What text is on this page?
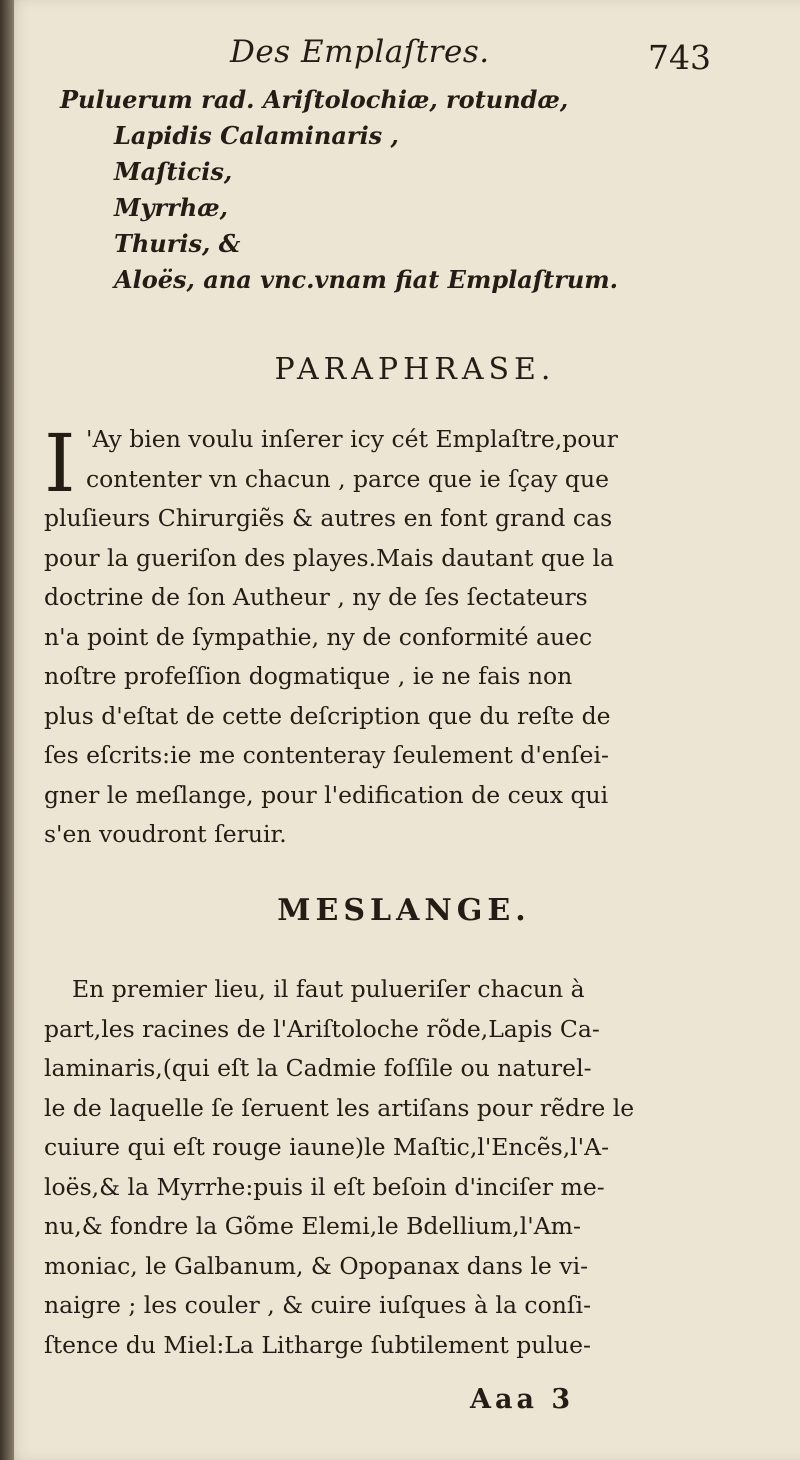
Des Emplaſtres.	743
Puluerum rad. Ariſtolochiæ, rotundæ,
Lapidis Calaminaris ,
Maſticis,
Myrrhæ,
Thuris, &
Aloës, ana vnc.vnam fiat Emplaſtrum.
PARAPHRASE.
I 'Ay bien voulu inſerer icy cét Emplaſtre,pour
contenter vn chacun , parce que ie ſçay que
pluſieurs Chirurgiẽs & autres en font grand cas
pour la gueriſon des playes.Mais dautant que la
doctrine de ſon Autheur , ny de ſes ſectateurs
n'a point de ſympathie, ny de conformité auec
noſtre profeſſion dogmatique , ie ne fais non
plus d'eſtat de cette deſcription que du reſte de
ſes eſcrits:ie me contenteray ſeulement d'enſei-
gner le meſlange, pour l'edification de ceux qui
s'en voudront ſeruir.
MESLANGE.
En premier lieu, il faut pulueriſer chacun à
part,les racines de l'Ariſtoloche rõde,Lapis Ca-
laminaris,(qui eſt la Cadmie foſſile ou naturel-
le de laquelle ſe ſeruent les artiſans pour rẽdre le
cuiure qui eſt rouge iaune)le Maſtic,l'Encẽs,l'A-
loës,& la Myrrhe:puis il eſt beſoin d'inciſer me-
nu,& fondre la Gõme Elemi,le Bdellium,l'Am-
moniac, le Galbanum, & Opopanax dans le vi-
naigre ; les couler , & cuire iuſques à la conſi-
ſtence du Miel:La Litharge ſubtilement pulue-
Aaa 3
